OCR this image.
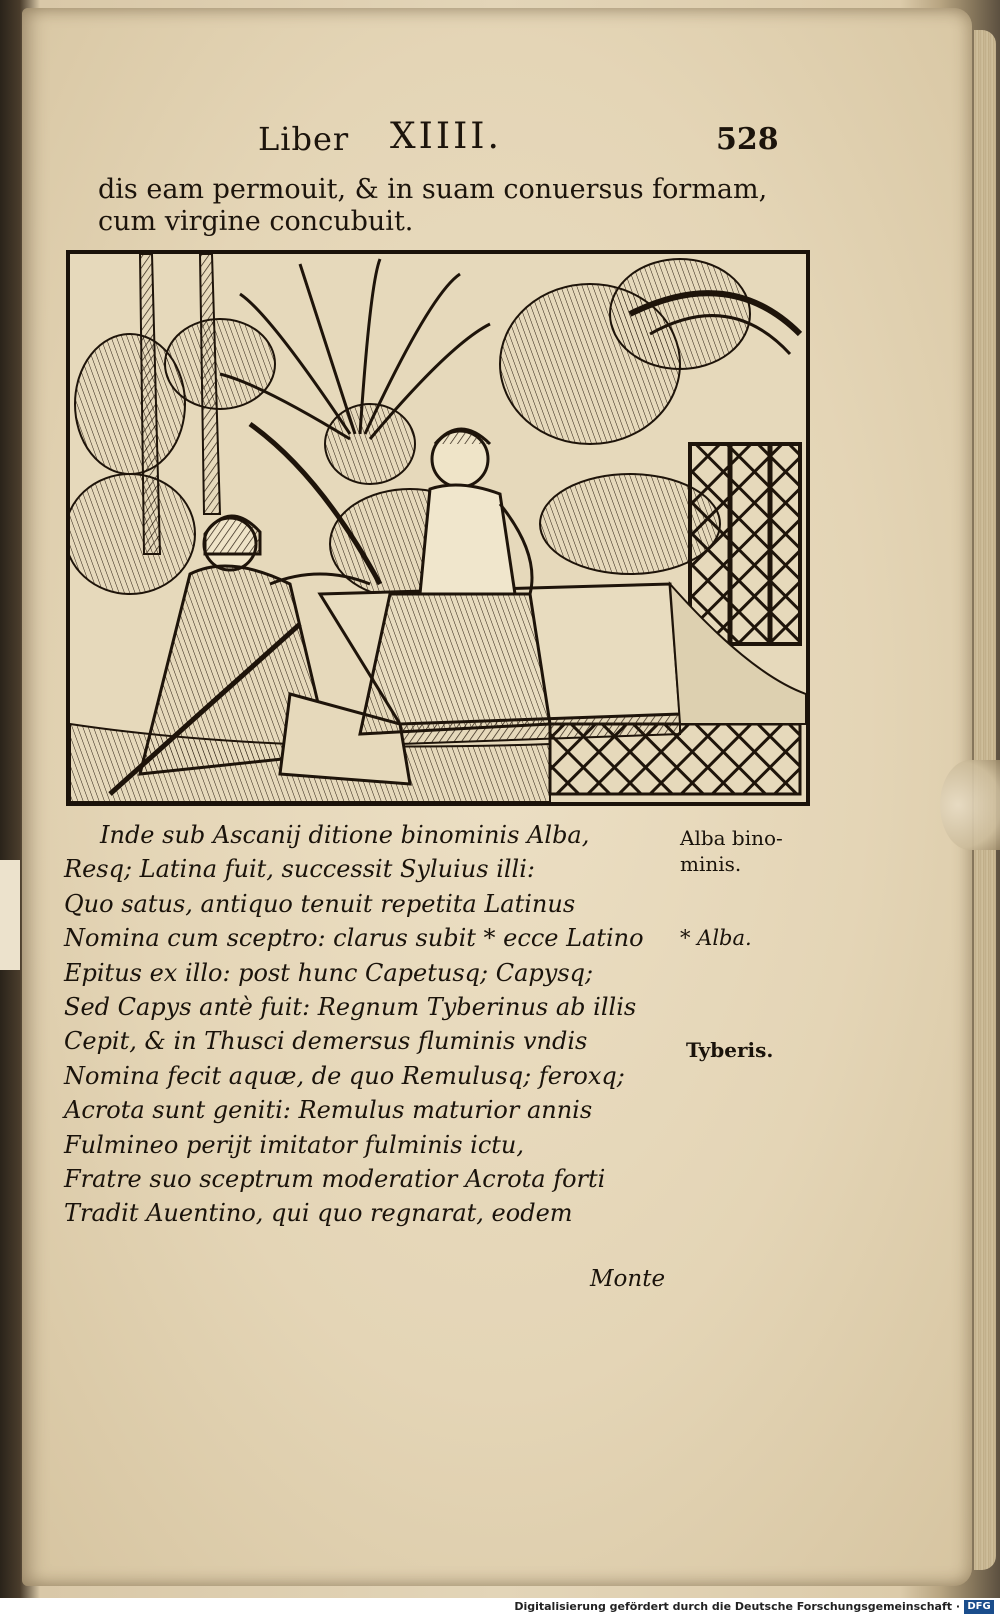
Liber XIIII.	528
dis eam permouit, & in suam conuersus formam,
cum virgine concubuit.
Inde sub Ascanij ditione binominis Alba,
Resq; Latina fuit, successit Syluius illi:
Quo satus, antiquo tenuit repetita Latinus
Nomina cum sceptro: clarus subit * ecce Latino
Epitus ex illo: post hunc Capetusq; Capysq;
Sed Capys antè fuit: Regnum Tyberinus ab illis
Cepit, & in Thusci demersus fluminis vndis
Nomina fecit aquæ, de quo Remulusq; feroxq;
Acrota sunt geniti: Remulus maturior annis
Fulmineo perijt imitator fulminis ictu,
Fratre suo sceptrum moderatior Acrota forti
Tradit Auentino, qui quo regnarat, eodem
Alba bino-
minis.
* Alba.
Tyberis.
Monte
Digitalisierung gefördert durch die Deutsche Forschungsgemeinschaft · DFG
